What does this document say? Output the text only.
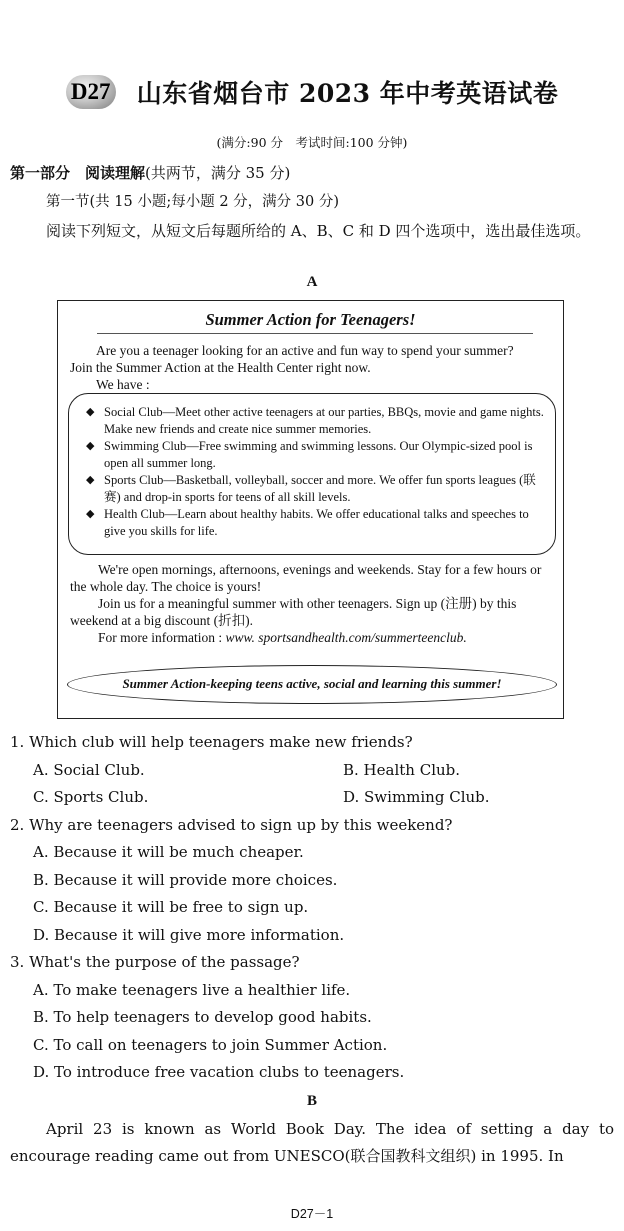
D27 山东省烟台市 2023 年中考英语试卷
(满分:90 分　考试时间:100 分钟)
第一部分　阅读理解(共两节，满分 35 分)
第一节(共 15 小题;每小题 2 分，满分 30 分)
阅读下列短文，从短文后每题所给的 A、B、C 和 D 四个选项中，选出最佳选项。
A
Summer Action for Teenagers!
Are you a teenager looking for an active and fun way to spend your summer?
Join the Summer Action at the Health Center right now.
We have :
◆ Social Club—Meet other active teenagers at our parties, BBQs, movie and game nights. Make new friends and create nice summer memories.
◆ Swimming Club—Free swimming and swimming lessons. Our Olympic-sized pool is open all summer long.
◆ Sports Club—Basketball, volleyball, soccer and more. We offer fun sports leagues (联赛) and drop-in sports for teens of all skill levels.
◆ Health Club—Learn about healthy habits. We offer educational talks and speeches to give you skills for life.
We're open mornings, afternoons, evenings and weekends. Stay for a few hours or the whole day. The choice is yours!
Join us for a meaningful summer with other teenagers. Sign up (注册) by this weekend at a big discount (折扣).
For more information : www. sportsandhealth.com/summerteenclub.
Summer Action-keeping teens active, social and learning this summer!
1. Which club will help teenagers make new friends?
A. Social Club.	B. Health Club.
C. Sports Club.	D. Swimming Club.
2. Why are teenagers advised to sign up by this weekend?
A. Because it will be much cheaper.
B. Because it will provide more choices.
C. Because it will be free to sign up.
D. Because it will give more information.
3. What's the purpose of the passage?
A. To make teenagers live a healthier life.
B. To help teenagers to develop good habits.
C. To call on teenagers to join Summer Action.
D. To introduce free vacation clubs to teenagers.
B
April 23 is known as World Book Day. The idea of setting a day to encourage reading came out from UNESCO(联合国教科文组织) in 1995. In
D27－1
